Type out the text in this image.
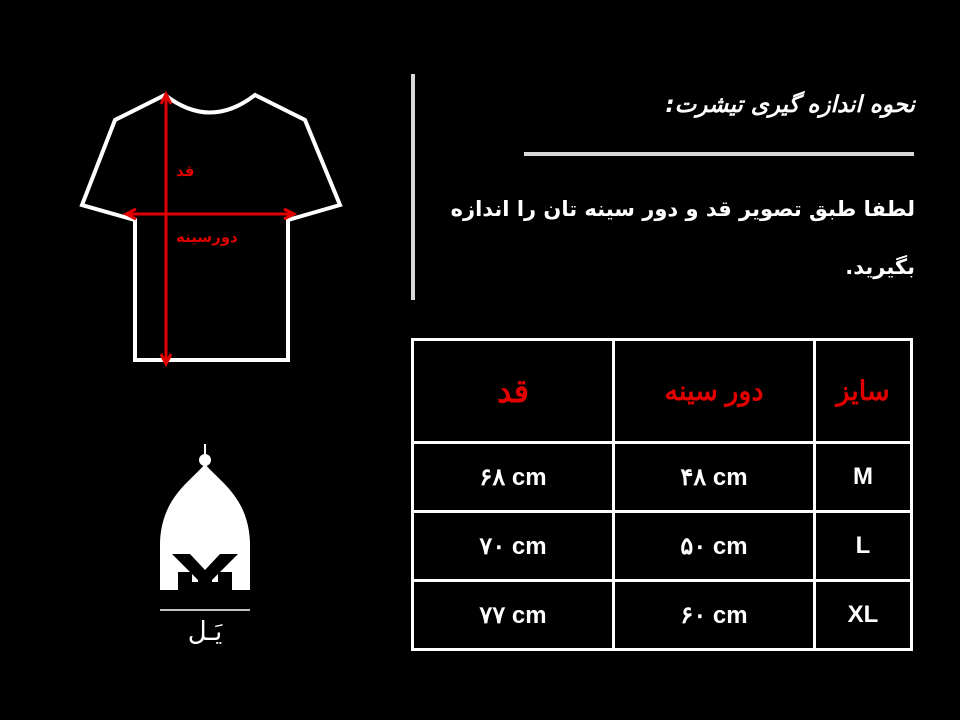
قد
دورسینه
نحوه اندازه گیری تیشرت:
لطفا طبق تصویر قد و دور سینه تان را اندازه بگیرید.
یَـل
قد	دور سینه	سایز
۶۸ cm	۴۸ cm	M
۷۰ cm	۵۰ cm	L
۷۷ cm	۶۰ cm	XL
